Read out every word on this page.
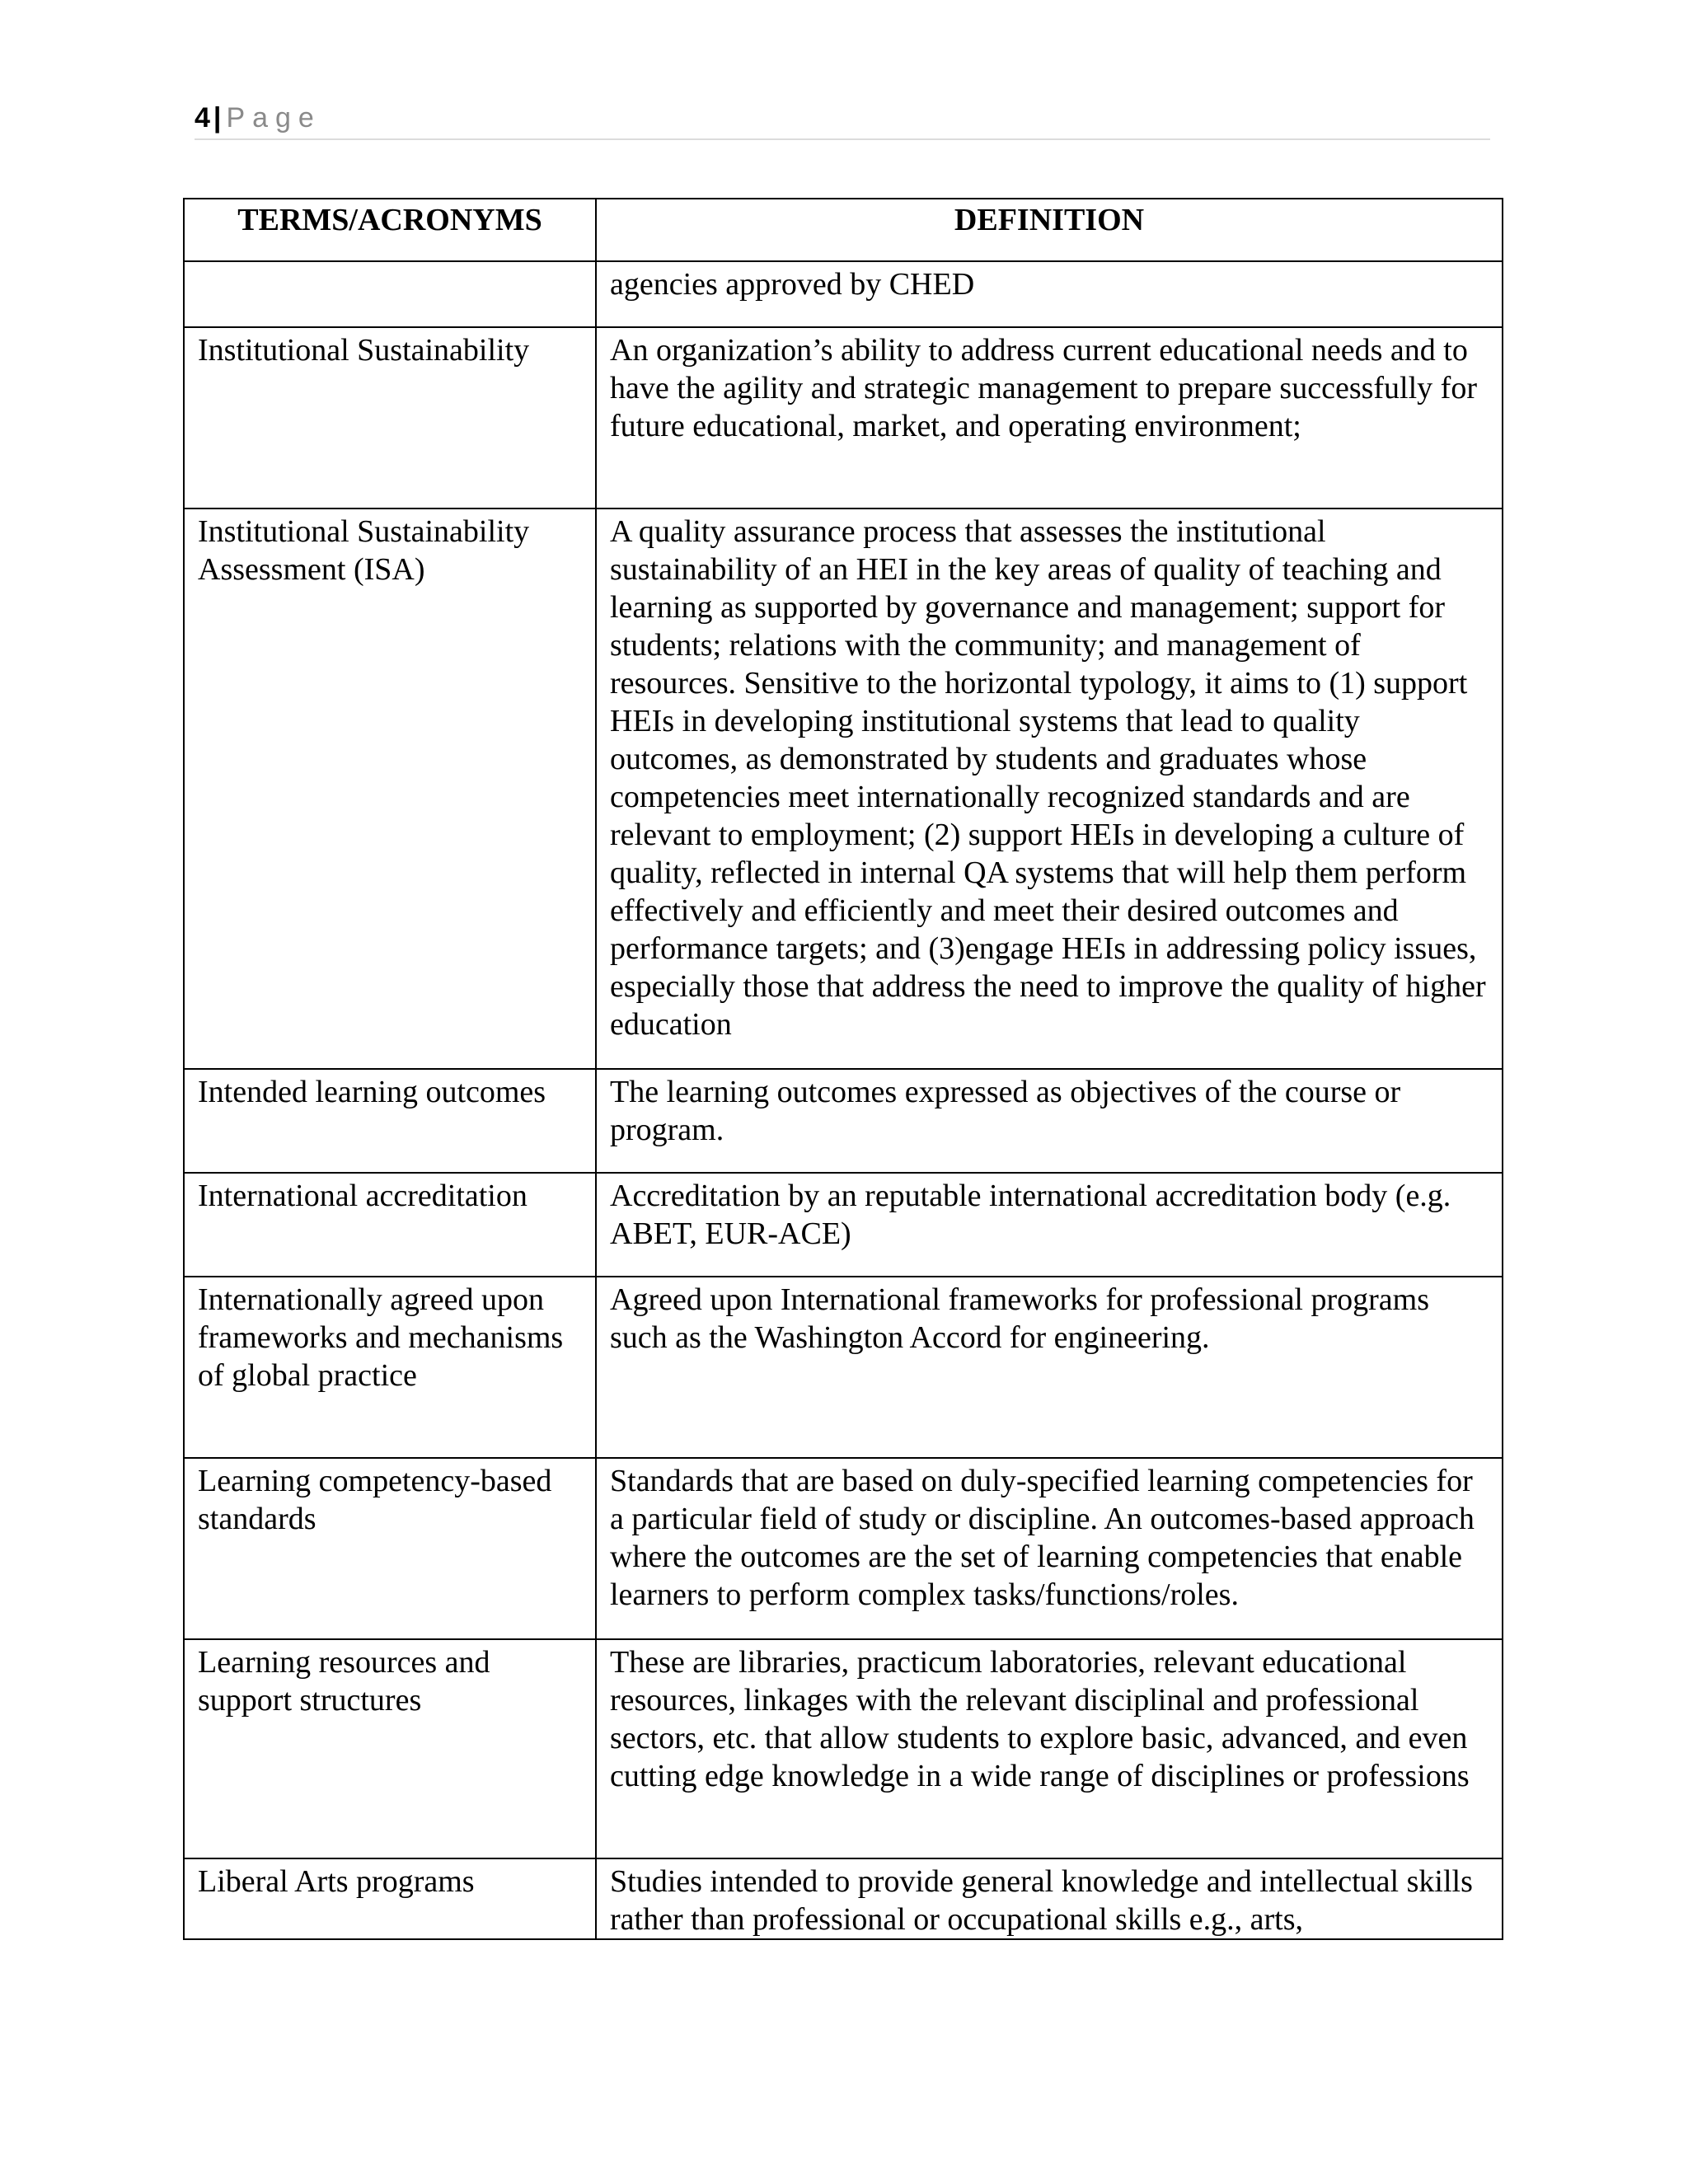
4 | Page
TERMS/ACRONYMS	DEFINITION
	agencies approved by CHED
Institutional Sustainability	An organization’s ability to address current educational needs and to have the agility and strategic management to prepare successfully for future educational, market, and operating environment;
Institutional Sustainability Assessment (ISA)	A quality assurance process that assesses the institutional sustainability of an HEI in the key areas of quality of teaching and learning as supported by governance and management; support for students; relations with the community; and management of resources. Sensitive to the horizontal typology, it aims to (1) support HEIs in developing institutional systems that lead to quality outcomes, as demonstrated by students and graduates whose competencies meet internationally recognized standards and are relevant to employment; (2) support HEIs in developing a culture of quality, reflected in internal QA systems that will help them perform effectively and efficiently and meet their desired outcomes and performance targets; and (3)engage HEIs in addressing policy issues, especially those that address the need to improve the quality of higher education
Intended learning outcomes	The learning outcomes expressed as objectives of the course or program.
International accreditation	Accreditation by an reputable international accreditation body (e.g. ABET, EUR-ACE)
Internationally agreed upon frameworks and mechanisms of global practice	Agreed upon International frameworks for professional programs such as the Washington Accord for engineering.
Learning competency-based standards	Standards that are based on duly-specified learning competencies for a particular field of study or discipline. An outcomes-based approach where the outcomes are the set of learning competencies that enable learners to perform complex tasks/functions/roles.
Learning resources and support structures	These are libraries, practicum laboratories, relevant educational resources, linkages with the relevant disciplinal and professional sectors, etc. that allow students to explore basic, advanced, and even cutting edge knowledge in a wide range of disciplines or professions
Liberal Arts programs	Studies intended to provide general knowledge and intellectual skills rather than professional or occupational skills e.g., arts,
